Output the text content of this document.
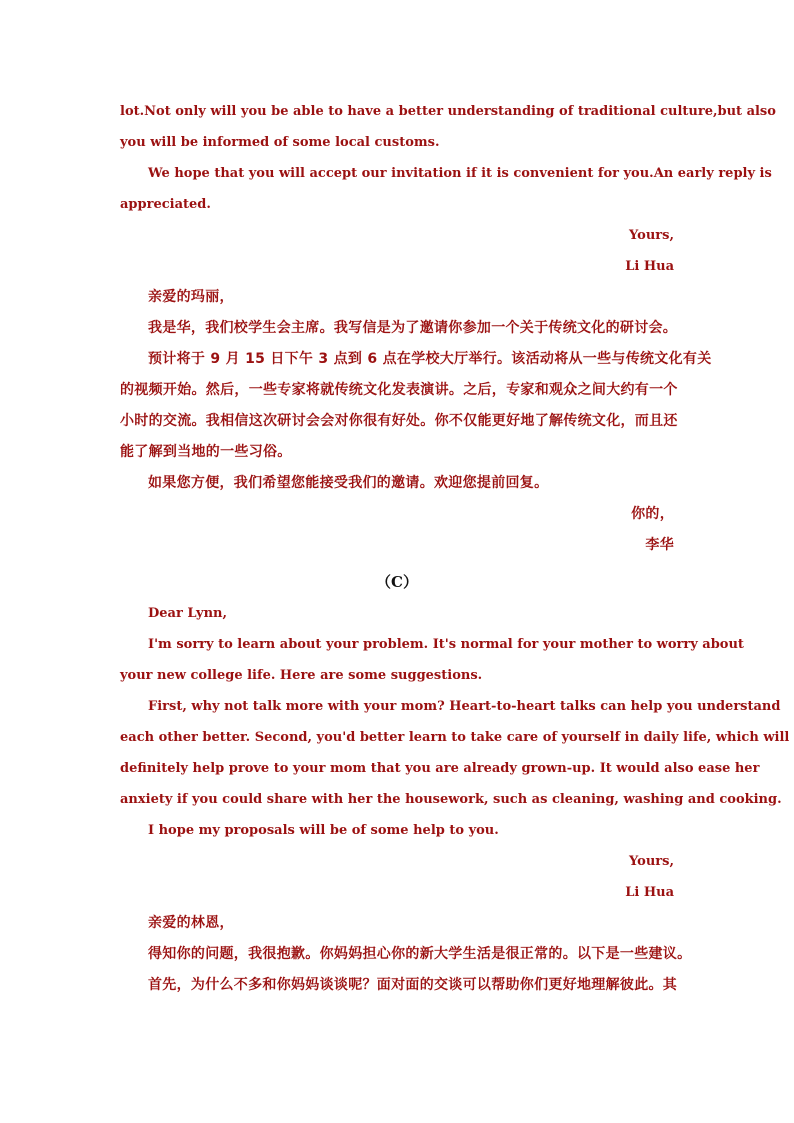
lot.Not only will you be able to have a better understanding of traditional culture,but also
you will be informed of some local customs.
We hope that you will accept our invitation if it is convenient for you.An early reply is
appreciated.
Yours,
Li Hua
亲爱的玛丽，
我是华，我们校学生会主席。我写信是为了邀请你参加一个关于传统文化的研讨会。
预计将于 9 月 15 日下午 3 点到 6 点在学校大厅举行。该活动将从一些与传统文化有关
的视频开始。然后，一些专家将就传统文化发表演讲。之后，专家和观众之间大约有一个
小时的交流。我相信这次研讨会会对你很有好处。你不仅能更好地了解传统文化，而且还
能了解到当地的一些习俗。
如果您方便，我们希望您能接受我们的邀请。欢迎您提前回复。
你的，
李华
（C）
Dear Lynn,
I'm sorry to learn about your problem. It's normal for your mother to worry about
your new college life. Here are some suggestions.
First, why not talk more with your mom? Heart-to-heart talks can help you understand
each other better. Second, you'd better learn to take care of yourself in daily life, which will
definitely help prove to your mom that you are already grown-up. It would also ease her
anxiety if you could share with her the housework, such as cleaning, washing and cooking.
I hope my proposals will be of some help to you.
Yours,
Li Hua
亲爱的林恩，
得知你的问题，我很抱歉。你妈妈担心你的新大学生活是很正常的。以下是一些建议。
首先，为什么不多和你妈妈谈谈呢？面对面的交谈可以帮助你们更好地理解彼此。其
